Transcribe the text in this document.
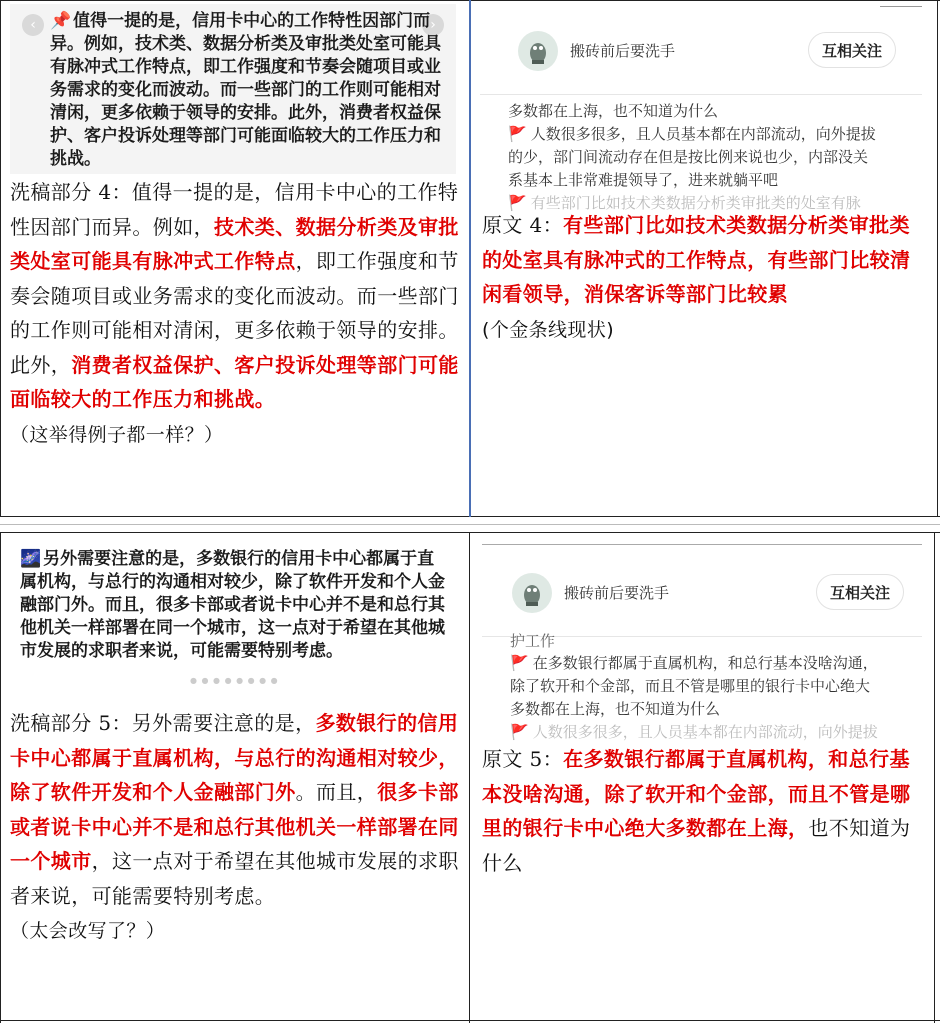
‹	›
📌 值得一提的是，信用卡中心的工作特性因部门而异。例如，技术类、数据分析类及审批类处室可能具有脉冲式工作特点，即工作强度和节奏会随项目或业务需求的变化而波动。而一些部门的工作则可能相对清闲，更多依赖于领导的安排。此外，消费者权益保护、客户投诉处理等部门可能面临较大的工作压力和挑战。
洗稿部分 4：值得一提的是，信用卡中心的工作特性因部门而异。例如，技术类、数据分析类及审批类处室可能具有脉冲式工作特点，即工作强度和节奏会随项目或业务需求的变化而波动。而一些部门的工作则可能相对清闲，更多依赖于领导的安排。此外，消费者权益保护、客户投诉处理等部门可能面临较大的工作压力和挑战。
（这举得例子都一样？）
搬砖前后要洗手	互相关注
多数都在上海，也不知道为什么
🚩 人数很多很多，且人员基本都在内部流动，向外提拔
的少，部门间流动存在但是按比例来说也少，内部没关
系基本上非常难提领导了，进来就躺平吧
🚩 有些部门比如技术类数据分析类审批类的处室有脉
原文 4：有些部门比如技术类数据分析类审批类的处室具有脉冲式的工作特点，有些部门比较清闲看领导，消保客诉等部门比较累
(个金条线现状)
🌌 另外需要注意的是，多数银行的信用卡中心都属于直属机构，与总行的沟通相对较少，除了软件开发和个人金融部门外。而且，很多卡部或者说卡中心并不是和总行其他机关一样部署在同一个城市，这一点对于希望在其他城市发展的求职者来说，可能需要特别考虑。
● ● ● ● ● ● ● ●
洗稿部分 5：另外需要注意的是，多数银行的信用卡中心都属于直属机构，与总行的沟通相对较少，除了软件开发和个人金融部门外。而且，很多卡部或者说卡中心并不是和总行其他机关一样部署在同一个城市，这一点对于希望在其他城市发展的求职者来说，可能需要特别考虑。
（太会改写了？）
搬砖前后要洗手	互相关注
护工作
🚩 在多数银行都属于直属机构，和总行基本没啥沟通，
除了软开和个金部，而且不管是哪里的银行卡中心绝大
多数都在上海，也不知道为什么
🚩 人数很多很多，且人员基本都在内部流动，向外提拔
原文 5：在多数银行都属于直属机构，和总行基本没啥沟通，除了软开和个金部，而且不管是哪里的银行卡中心绝大多数都在上海，也不知道为什么
